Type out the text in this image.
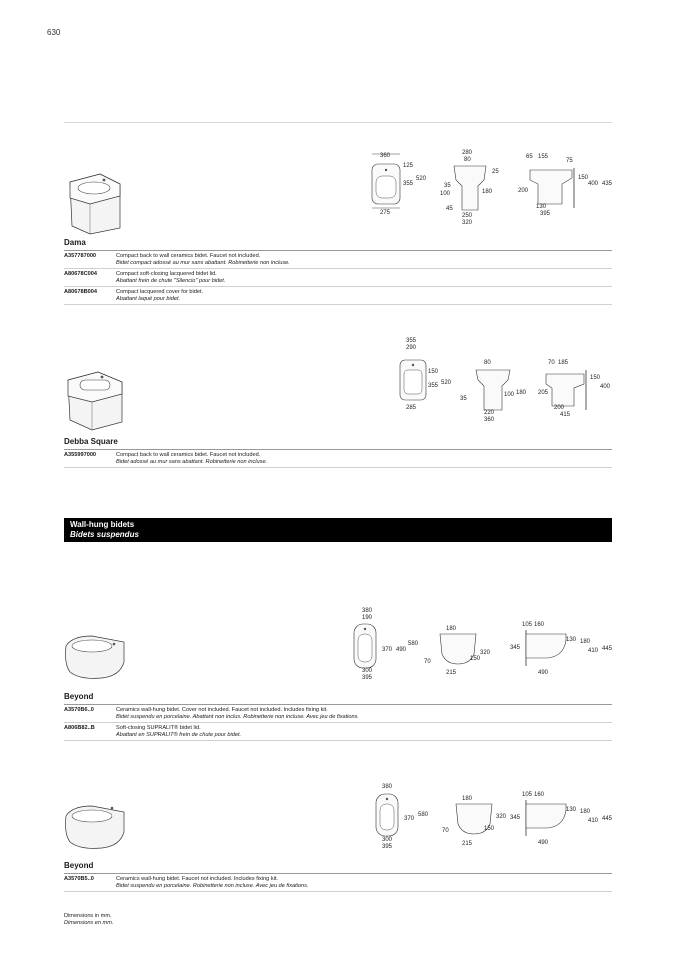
630
360
125
355
520
275
280
80
25
35
100	180
45
250
320
65 155
75
150
400 435
200
130
395
Dama
A357787000	Compact back to wall ceramics bidet. Faucet not included.
Bidet compact adossé au mur sans abattant. Robinetterie non incluse.
A80678C004	Compact soft-closing lacquered bidet lid.
Abattant frein de chute "Silencio" pour bidet.
A80678B004	Compact lacquered cover for bidet.
Abattant laqué pour bidet.
355
290
150
355 520
285
80
35
100 180
220
360
70 185
150
400
205
200
415
Debba Square
A355997000	Compact back to wall ceramics bidet. Faucet not included.
Bidet adossé au mur sans abattant. Robinetterie non incluse.
Wall-hung bidets
Bidets suspendus
380
190
370 490
580
300
395
180
320
70	150
215
105 160
130 180
345	410 445
490
Beyond
A3570B6..0	Ceramics wall-hung bidet. Cover not included. Faucet not included. Includes fixing kit.
Bidet suspendu en porcelaine. Abattant non inclus. Robinetterie non incluse. Avec jeu de fixations.
A806B82..B	Soft-closing SUPRALIT® bidet lid.
Abattant en SUPRALIT® frein de chute pour bidet.
380
370
580
300
395
180
320
70	150
215
105 160
130 180
345	410 445
490
Beyond
A3570B5..0	Ceramics wall-hung bidet. Faucet not included. Includes fixing kit.
Bidet suspendu en porcelaine. Robinetterie non incluse. Avec jeu de fixations.
Dimensions in mm.
Dimensions en mm.
